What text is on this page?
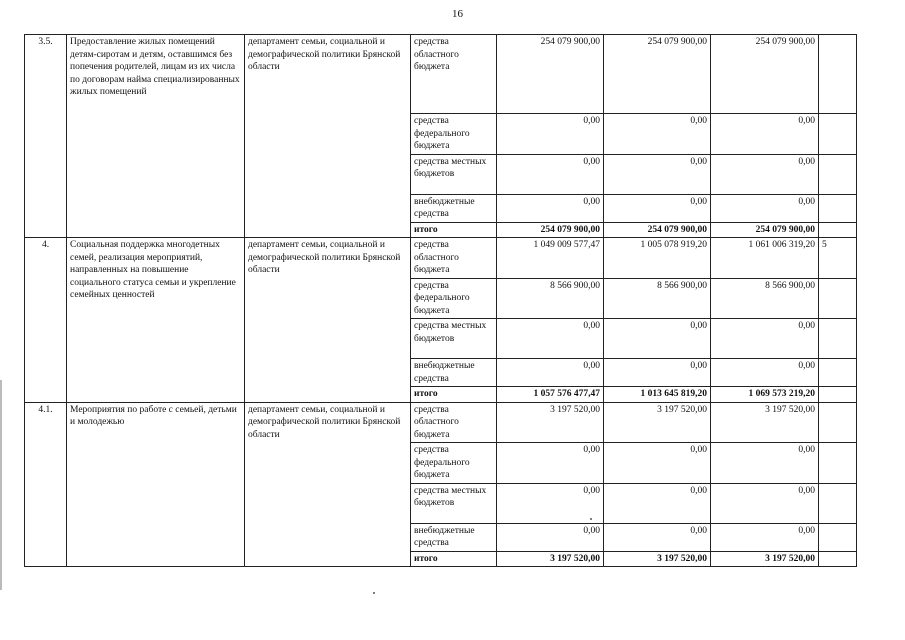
16
3.5.	Предоставление жилых помещений детям-сиротам и детям, оставшимся без попечения родителей, лицам из их числа по договорам найма специализированных жилых помещений	департамент семьи, социальной и демографической политики Брянской области	средства областного бюджета	254 079 900,00	254 079 900,00	254 079 900,00	
			средства федерального бюджета	0,00	0,00	0,00	
			средства местных бюджетов	0,00	0,00	0,00	
			внебюджетные средства	0,00	0,00	0,00	
			итого	254 079 900,00	254 079 900,00	254 079 900,00	
4.	Социальная поддержка многодетных семей, реализация мероприятий, направленных на повышение социального статуса семьи и укрепление семейных ценностей	департамент семьи, социальной и демографической политики Брянской области	средства областного бюджета	1 049 009 577,47	1 005 078 919,20	1 061 006 319,20	5
			средства федерального бюджета	8 566 900,00	8 566 900,00	8 566 900,00	
			средства местных бюджетов	0,00	0,00	0,00	
			внебюджетные средства	0,00	0,00	0,00	
			итого	1 057 576 477,47	1 013 645 819,20	1 069 573 219,20	
4.1.	Мероприятия по работе с семьей, детьми и молодежью	департамент семьи, социальной и демографической политики Брянской области	средства областного бюджета	3 197 520,00	3 197 520,00	3 197 520,00	
			средства федерального бюджета	0,00	0,00	0,00	
			средства местных бюджетов	0,00	0,00	0,00	
			внебюджетные средства	0,00	0,00	0,00	
			итого	3 197 520,00	3 197 520,00	3 197 520,00	
